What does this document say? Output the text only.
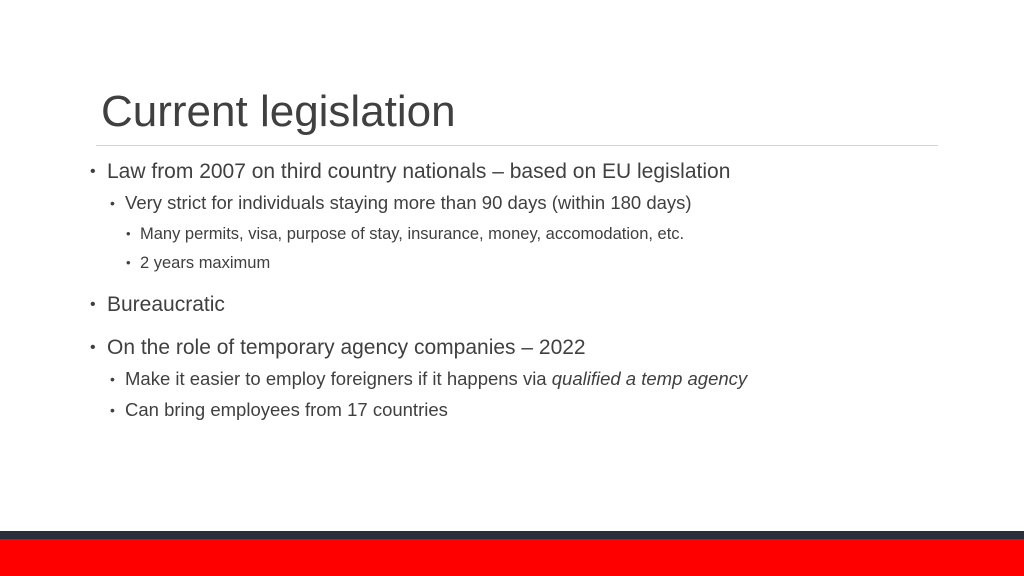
Current legislation
• Law from 2007 on third country nationals – based on EU legislation
• Very strict for individuals staying more than 90 days (within 180 days)
• Many permits, visa, purpose of stay, insurance, money, accomodation, etc.
• 2 years maximum
• Bureaucratic
• On the role of temporary agency companies – 2022
• Make it easier to employ foreigners if it happens via qualified a temp agency
• Can bring employees from 17 countries
